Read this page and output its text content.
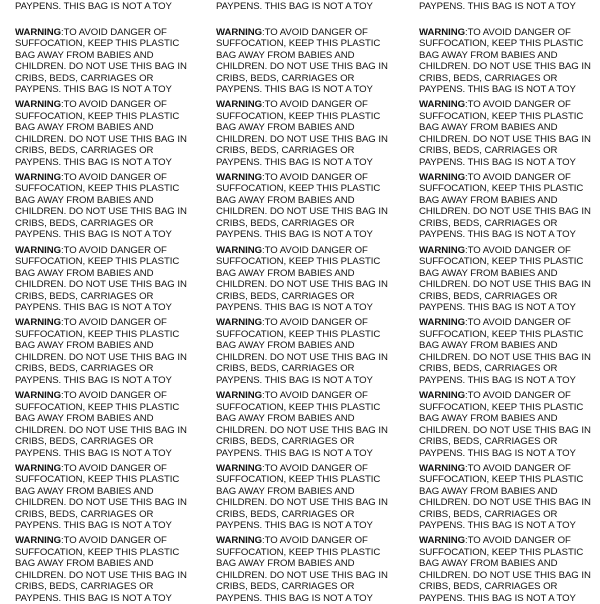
PAYPENS. THIS BAG IS NOT A TOY
WARNING:TO AVOID DANGER OF
SUFFOCATION, KEEP THIS PLASTIC
BAG AWAY FROM BABIES AND
CHILDREN. DO NOT USE THIS BAG IN
CRIBS, BEDS, CARRIAGES OR
PAYPENS. THIS BAG IS NOT A TOY
WARNING:TO AVOID DANGER OF
SUFFOCATION, KEEP THIS PLASTIC
BAG AWAY FROM BABIES AND
CHILDREN. DO NOT USE THIS BAG IN
CRIBS, BEDS, CARRIAGES OR
PAYPENS. THIS BAG IS NOT A TOY
WARNING:TO AVOID DANGER OF
SUFFOCATION, KEEP THIS PLASTIC
BAG AWAY FROM BABIES AND
CHILDREN. DO NOT USE THIS BAG IN
CRIBS, BEDS, CARRIAGES OR
PAYPENS. THIS BAG IS NOT A TOY
WARNING:TO AVOID DANGER OF
SUFFOCATION, KEEP THIS PLASTIC
BAG AWAY FROM BABIES AND
CHILDREN. DO NOT USE THIS BAG IN
CRIBS, BEDS, CARRIAGES OR
PAYPENS. THIS BAG IS NOT A TOY
WARNING:TO AVOID DANGER OF
SUFFOCATION, KEEP THIS PLASTIC
BAG AWAY FROM BABIES AND
CHILDREN. DO NOT USE THIS BAG IN
CRIBS, BEDS, CARRIAGES OR
PAYPENS. THIS BAG IS NOT A TOY
WARNING:TO AVOID DANGER OF
SUFFOCATION, KEEP THIS PLASTIC
BAG AWAY FROM BABIES AND
CHILDREN. DO NOT USE THIS BAG IN
CRIBS, BEDS, CARRIAGES OR
PAYPENS. THIS BAG IS NOT A TOY
WARNING:TO AVOID DANGER OF
SUFFOCATION, KEEP THIS PLASTIC
BAG AWAY FROM BABIES AND
CHILDREN. DO NOT USE THIS BAG IN
CRIBS, BEDS, CARRIAGES OR
PAYPENS. THIS BAG IS NOT A TOY
WARNING:TO AVOID DANGER OF
SUFFOCATION, KEEP THIS PLASTIC
BAG AWAY FROM BABIES AND
CHILDREN. DO NOT USE THIS BAG IN
CRIBS, BEDS, CARRIAGES OR
PAYPENS. THIS BAG IS NOT A TOY

PAYPENS. THIS BAG IS NOT A TOY
WARNING:TO AVOID DANGER OF
SUFFOCATION, KEEP THIS PLASTIC
BAG AWAY FROM BABIES AND
CHILDREN. DO NOT USE THIS BAG IN
CRIBS, BEDS, CARRIAGES OR
PAYPENS. THIS BAG IS NOT A TOY
WARNING:TO AVOID DANGER OF
SUFFOCATION, KEEP THIS PLASTIC
BAG AWAY FROM BABIES AND
CHILDREN. DO NOT USE THIS BAG IN
CRIBS, BEDS, CARRIAGES OR
PAYPENS. THIS BAG IS NOT A TOY
WARNING:TO AVOID DANGER OF
SUFFOCATION, KEEP THIS PLASTIC
BAG AWAY FROM BABIES AND
CHILDREN. DO NOT USE THIS BAG IN
CRIBS, BEDS, CARRIAGES OR
PAYPENS. THIS BAG IS NOT A TOY
WARNING:TO AVOID DANGER OF
SUFFOCATION, KEEP THIS PLASTIC
BAG AWAY FROM BABIES AND
CHILDREN. DO NOT USE THIS BAG IN
CRIBS, BEDS, CARRIAGES OR
PAYPENS. THIS BAG IS NOT A TOY
WARNING:TO AVOID DANGER OF
SUFFOCATION, KEEP THIS PLASTIC
BAG AWAY FROM BABIES AND
CHILDREN. DO NOT USE THIS BAG IN
CRIBS, BEDS, CARRIAGES OR
PAYPENS. THIS BAG IS NOT A TOY
WARNING:TO AVOID DANGER OF
SUFFOCATION, KEEP THIS PLASTIC
BAG AWAY FROM BABIES AND
CHILDREN. DO NOT USE THIS BAG IN
CRIBS, BEDS, CARRIAGES OR
PAYPENS. THIS BAG IS NOT A TOY
WARNING:TO AVOID DANGER OF
SUFFOCATION, KEEP THIS PLASTIC
BAG AWAY FROM BABIES AND
CHILDREN. DO NOT USE THIS BAG IN
CRIBS, BEDS, CARRIAGES OR
PAYPENS. THIS BAG IS NOT A TOY
WARNING:TO AVOID DANGER OF
SUFFOCATION, KEEP THIS PLASTIC
BAG AWAY FROM BABIES AND
CHILDREN. DO NOT USE THIS BAG IN
CRIBS, BEDS, CARRIAGES OR
PAYPENS. THIS BAG IS NOT A TOY

PAYPENS. THIS BAG IS NOT A TOY
WARNING:TO AVOID DANGER OF
SUFFOCATION, KEEP THIS PLASTIC
BAG AWAY FROM BABIES AND
CHILDREN. DO NOT USE THIS BAG IN
CRIBS, BEDS, CARRIAGES OR
PAYPENS. THIS BAG IS NOT A TOY
WARNING:TO AVOID DANGER OF
SUFFOCATION, KEEP THIS PLASTIC
BAG AWAY FROM BABIES AND
CHILDREN. DO NOT USE THIS BAG IN
CRIBS, BEDS, CARRIAGES OR
PAYPENS. THIS BAG IS NOT A TOY
WARNING:TO AVOID DANGER OF
SUFFOCATION, KEEP THIS PLASTIC
BAG AWAY FROM BABIES AND
CHILDREN. DO NOT USE THIS BAG IN
CRIBS, BEDS, CARRIAGES OR
PAYPENS. THIS BAG IS NOT A TOY
WARNING:TO AVOID DANGER OF
SUFFOCATION, KEEP THIS PLASTIC
BAG AWAY FROM BABIES AND
CHILDREN. DO NOT USE THIS BAG IN
CRIBS, BEDS, CARRIAGES OR
PAYPENS. THIS BAG IS NOT A TOY
WARNING:TO AVOID DANGER OF
SUFFOCATION, KEEP THIS PLASTIC
BAG AWAY FROM BABIES AND
CHILDREN. DO NOT USE THIS BAG IN
CRIBS, BEDS, CARRIAGES OR
PAYPENS. THIS BAG IS NOT A TOY
WARNING:TO AVOID DANGER OF
SUFFOCATION, KEEP THIS PLASTIC
BAG AWAY FROM BABIES AND
CHILDREN. DO NOT USE THIS BAG IN
CRIBS, BEDS, CARRIAGES OR
PAYPENS. THIS BAG IS NOT A TOY
WARNING:TO AVOID DANGER OF
SUFFOCATION, KEEP THIS PLASTIC
BAG AWAY FROM BABIES AND
CHILDREN. DO NOT USE THIS BAG IN
CRIBS, BEDS, CARRIAGES OR
PAYPENS. THIS BAG IS NOT A TOY
WARNING:TO AVOID DANGER OF
SUFFOCATION, KEEP THIS PLASTIC
BAG AWAY FROM BABIES AND
CHILDREN. DO NOT USE THIS BAG IN
CRIBS, BEDS, CARRIAGES OR
PAYPENS. THIS BAG IS NOT A TOY
